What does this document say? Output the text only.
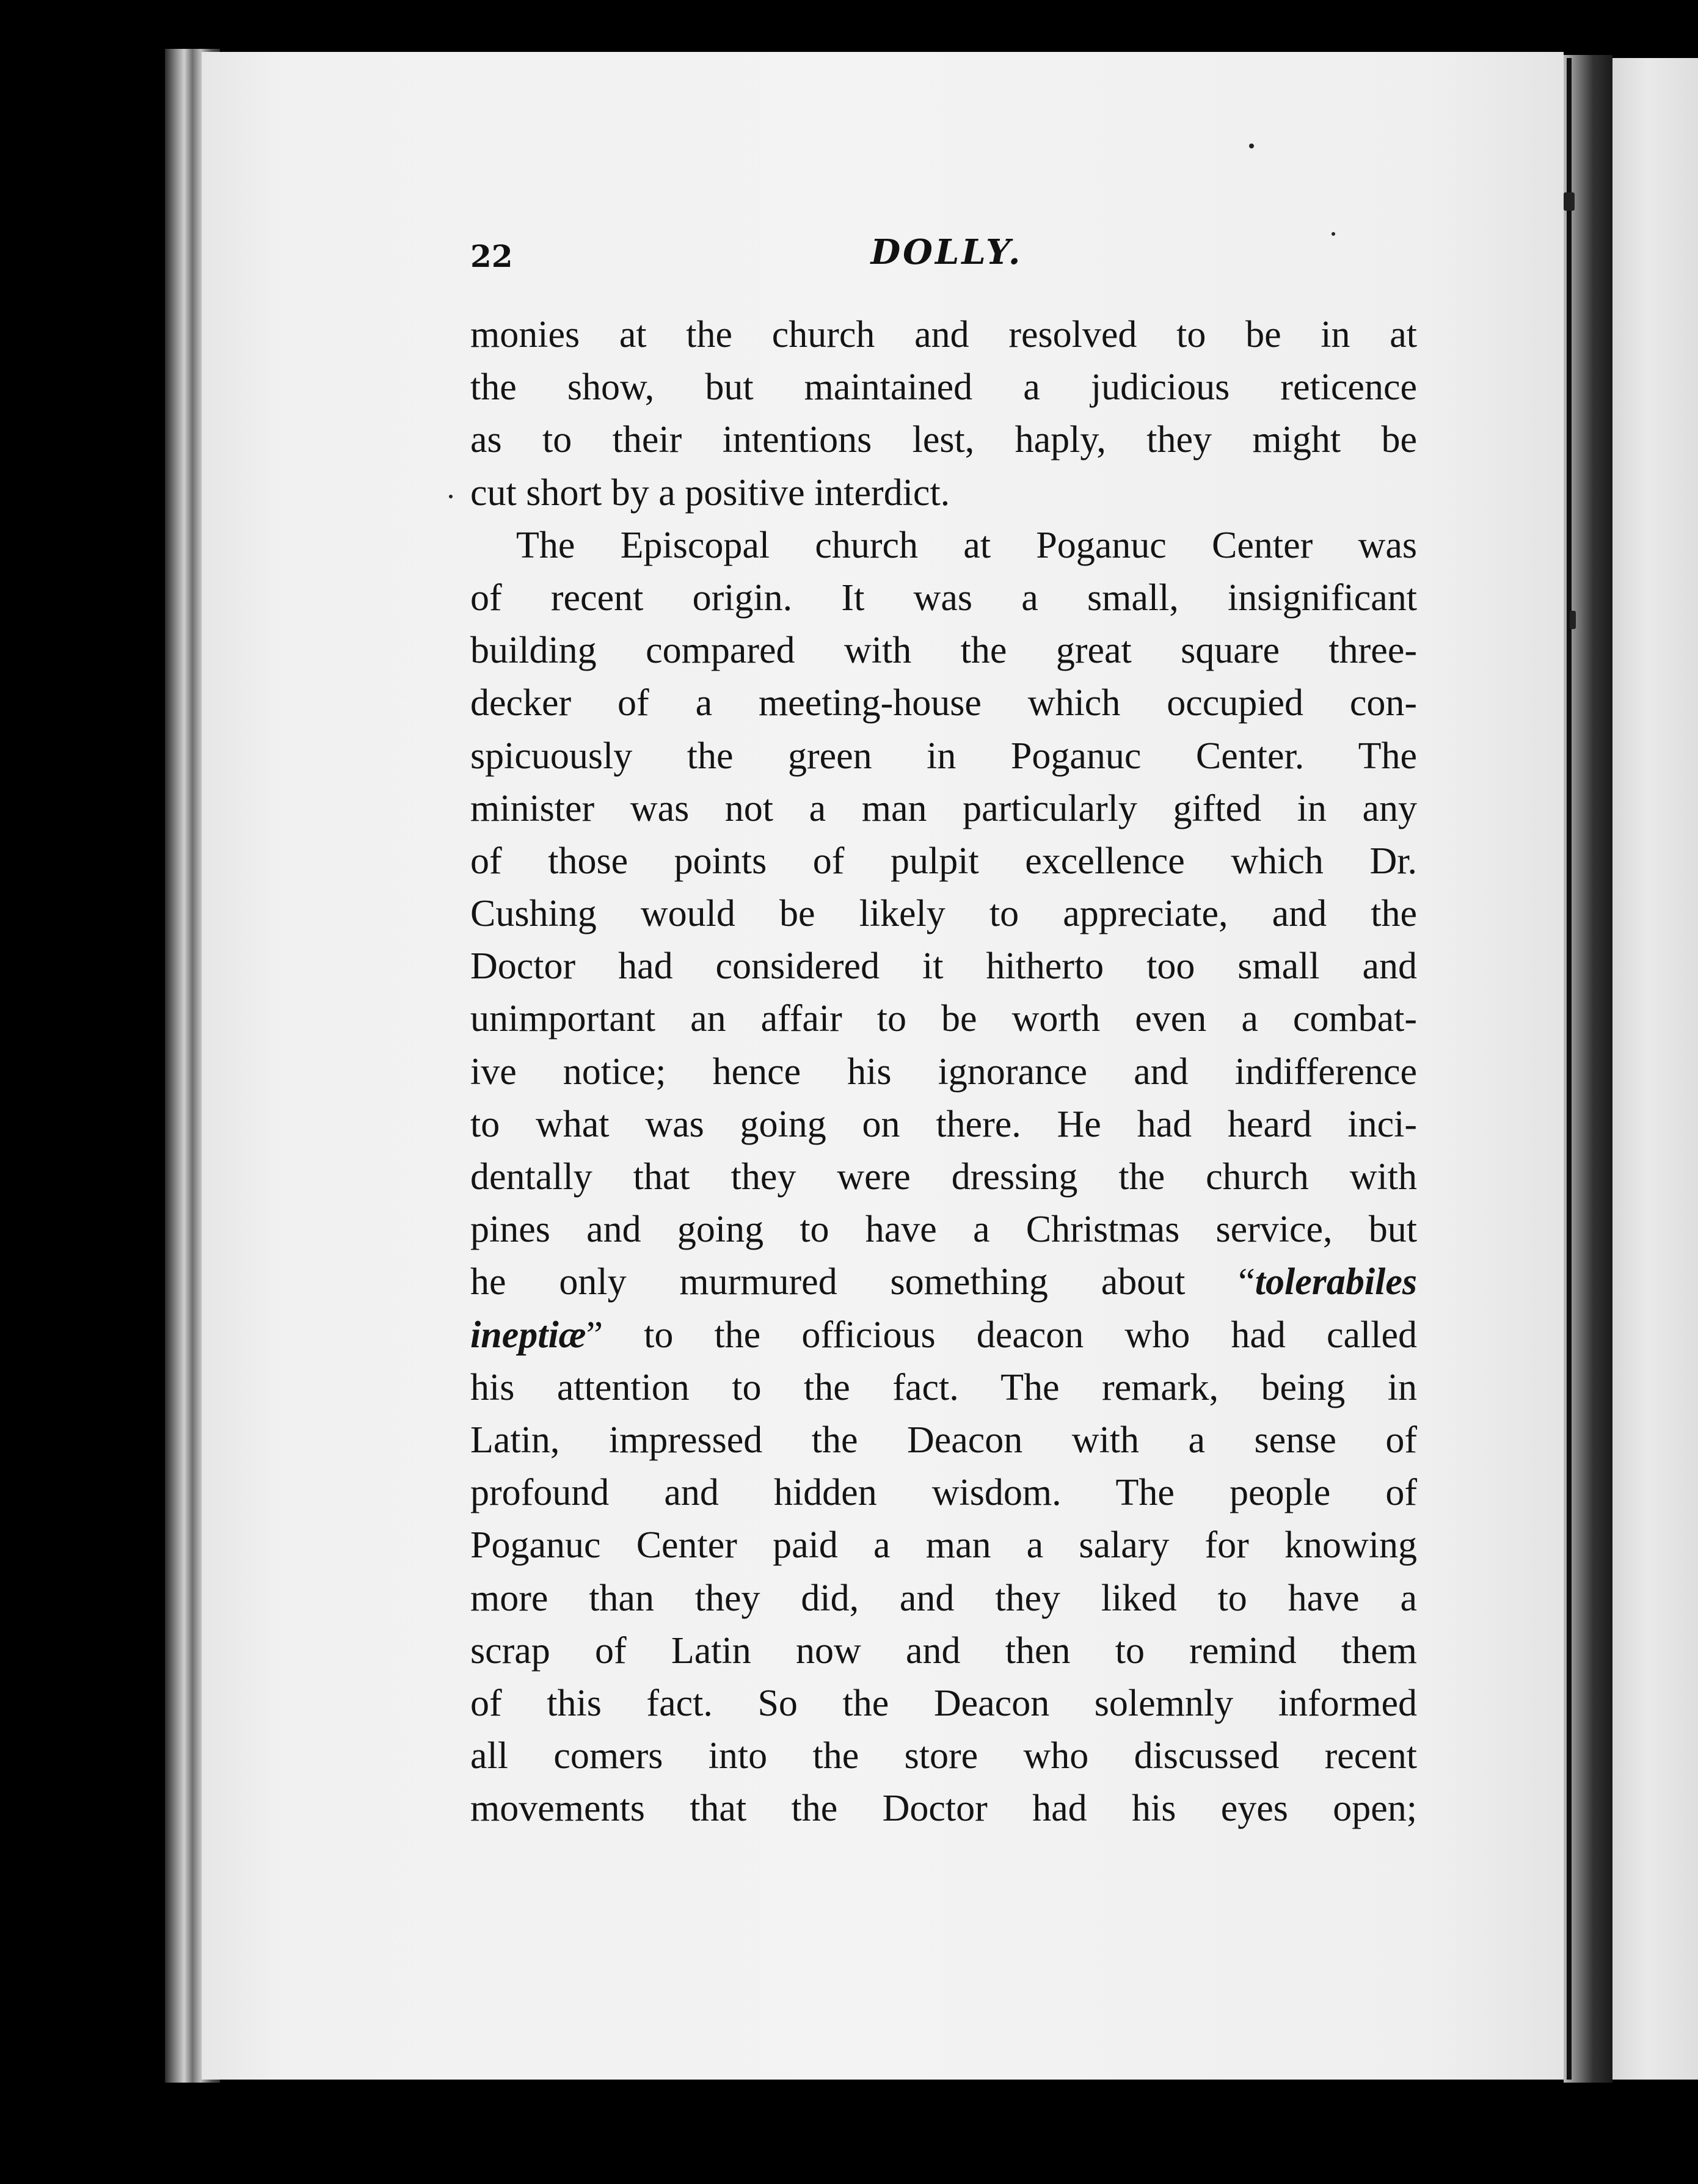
22	DOLLY.
monies at the church and resolved to be in at
the show, but maintained a judicious reticence
as to their intentions lest, haply, they might be
cut short by a positive interdict.
The Episcopal church at Poganuc Center was
of recent origin. It was a small, insignificant
building compared with the great square three-
decker of a meeting-house which occupied con-
spicuously the green in Poganuc Center. The
minister was not a man particularly gifted in any
of those points of pulpit excellence which Dr.
Cushing would be likely to appreciate, and the
Doctor had considered it hitherto too small and
unimportant an affair to be worth even a combat-
ive notice; hence his ignorance and indifference
to what was going on there. He had heard inci-
dentally that they were dressing the church with
pines and going to have a Christmas service, but
he only murmured something about “tolerabiles
ineptiæ” to the officious deacon who had called
his attention to the fact. The remark, being in
Latin, impressed the Deacon with a sense of
profound and hidden wisdom. The people of
Poganuc Center paid a man a salary for knowing
more than they did, and they liked to have a
scrap of Latin now and then to remind them
of this fact. So the Deacon solemnly informed
all comers into the store who discussed recent
movements that the Doctor had his eyes open;
